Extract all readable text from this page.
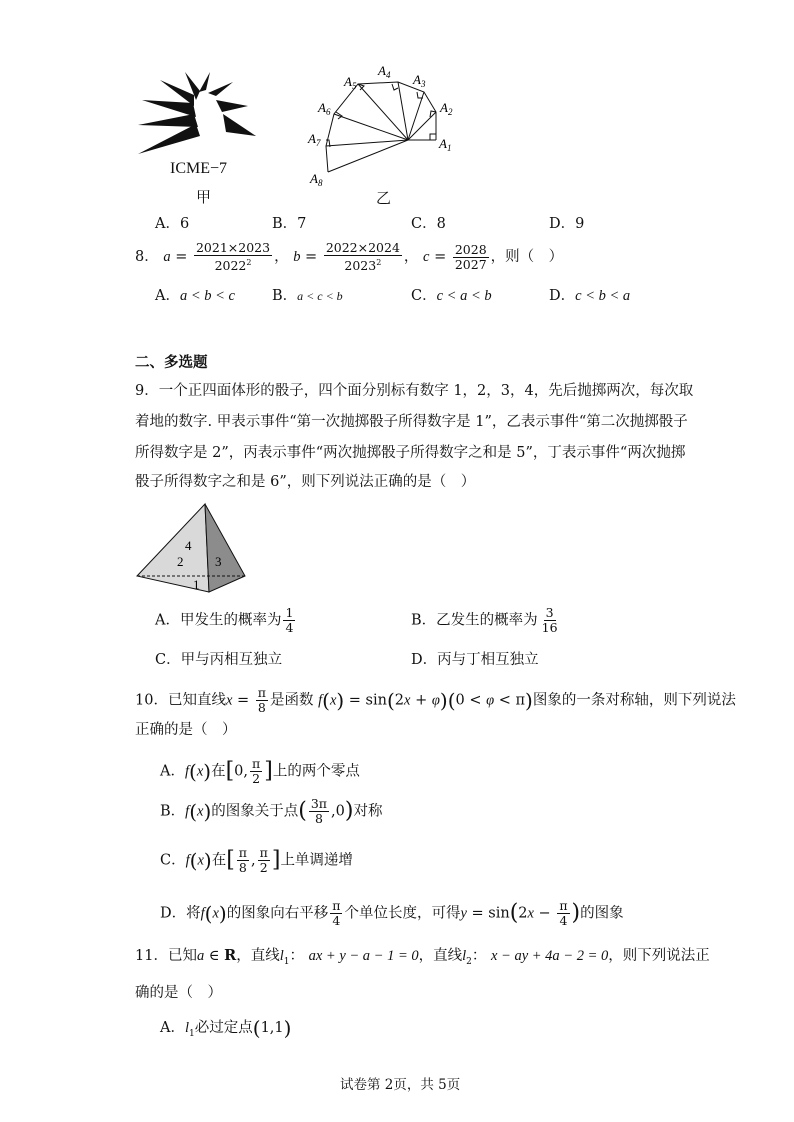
ICME−7
甲
$A_1$
$A_2$
$A_3$
$A_4$
$A_5$
$A_6$
$A_7$
$A_8$
乙
A．6	B．7	C．8	D．9
8． $a = \frac{2021\times 2023}{2022^2}$ ， $b = \frac{2022\times 2024}{2023^2}$ ， $c = \frac{2028}{2027}$ ，则（　）
A．a < b < c	B．a < c < b	C．c < a < b	D．c < b < a
二、多选题
9．一个正四面体形的骰子，四个面分别标有数字 1，2，3，4，先后抛掷两次，每次取
着地的数字. 甲表示事件“第一次抛掷骰子所得数字是 1”，乙表示事件“第二次抛掷骰子
所得数字是 2”，丙表示事件“两次抛掷骰子所得数字之和是 5”，丁表示事件“两次抛掷
骰子所得数字之和是 6”，则下列说法正确的是（　）
4
2 3
1
A．甲发生的概率为 $\frac{1}{4}$	B．乙发生的概率为 $\frac{3}{16}$
C．甲与丙相互独立	D．丙与丁相互独立
10．已知直线$x = \frac{\pi}{8}$ 是函数 f(x) = sin(2x + φ)(0 < φ < π)图象的一条对称轴，则下列说法
正确的是（　）
A．f(x)在[0, $\frac{\pi}{2}$ ]上的两个零点
B．f(x)的图象关于点( $\frac{3\pi}{8} ,0$)对称
C．f(x)在[ $\frac{\pi}{8}$ , $\frac{\pi}{2}$ ]上单调递增
D．将f(x)的图象向右平移 $\frac{\pi}{4}$ 个单位长度，可得$y = \sin(2x - \frac{\pi}{4}$ )的图象
11．已知a ∈ R，直线$l_1$： ax + y − a − 1 = 0，直线$l_2$： x − ay + 4a − 2 = 0，则下列说法正
确的是（　）
A．$l_1$必过定点(1,1)
试卷第 2页，共 5页
